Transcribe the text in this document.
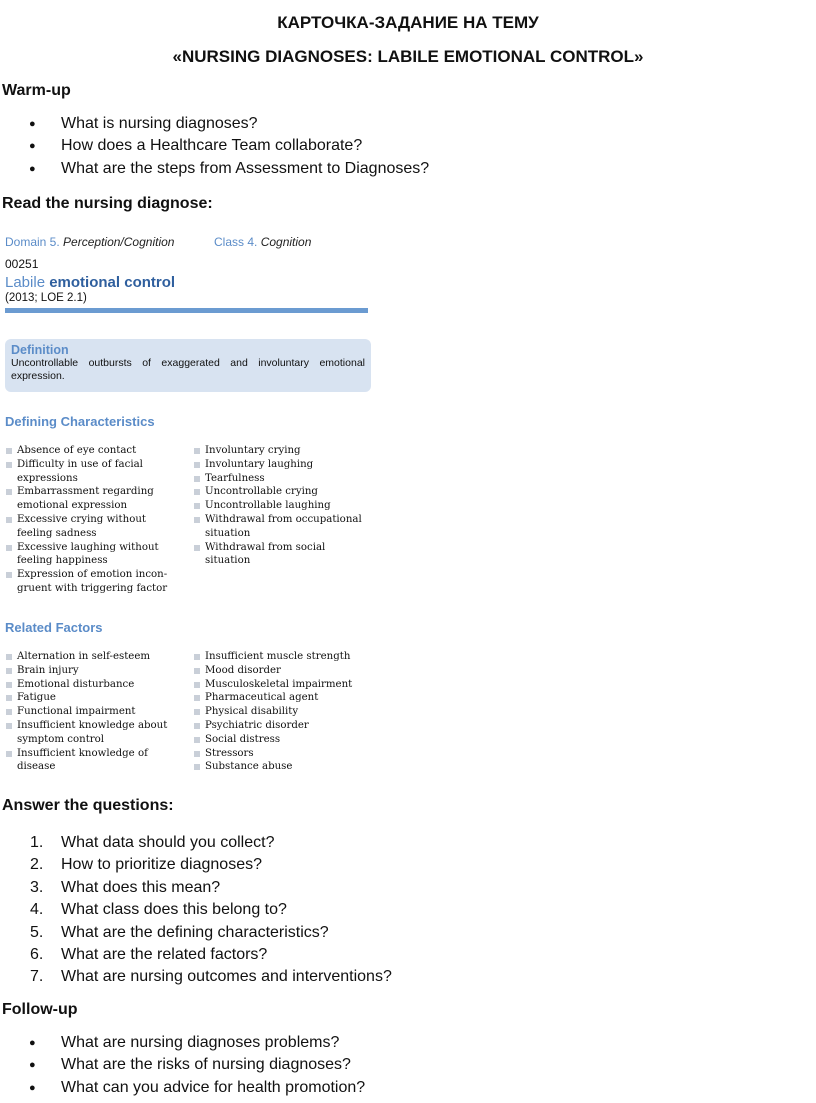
КАРТОЧКА-ЗАДАНИЕ НА ТЕМУ
«NURSING DIAGNOSES: LABILE EMOTIONAL CONTROL»
Warm-up
● What is nursing diagnoses?
● How does a Healthcare Team collaborate?
● What are the steps from Assessment to Diagnoses?
Read the nursing diagnose:
Domain 5. Perception/Cognition	Class 4. Cognition
00251
Labile emotional control
(2013; LOE 2.1)
Definition
Uncontrollable outbursts of exaggerated and involuntary emotional expression.
Defining Characteristics
Absence of eye contact
Difficulty in use of facial expressions
Embarrassment regarding emotional expression
Excessive crying without feeling sadness
Excessive laughing without feeling happiness
Expression of emotion incon-gruent with triggering factor
Involuntary crying
Involuntary laughing
Tearfulness
Uncontrollable crying
Uncontrollable laughing
Withdrawal from occupational situation
Withdrawal from social situation
Related Factors
Alternation in self-esteem
Brain injury
Emotional disturbance
Fatigue
Functional impairment
Insufficient knowledge about symptom control
Insufficient knowledge of disease
Insufficient muscle strength
Mood disorder
Musculoskeletal impairment
Pharmaceutical agent
Physical disability
Psychiatric disorder
Social distress
Stressors
Substance abuse
Answer the questions:
1. What data should you collect?
2. How to prioritize diagnoses?
3. What does this mean?
4. What class does this belong to?
5. What are the defining characteristics?
6. What are the related factors?
7. What are nursing outcomes and interventions?
Follow-up
● What are nursing diagnoses problems?
● What are the risks of nursing diagnoses?
● What can you advice for health promotion?
